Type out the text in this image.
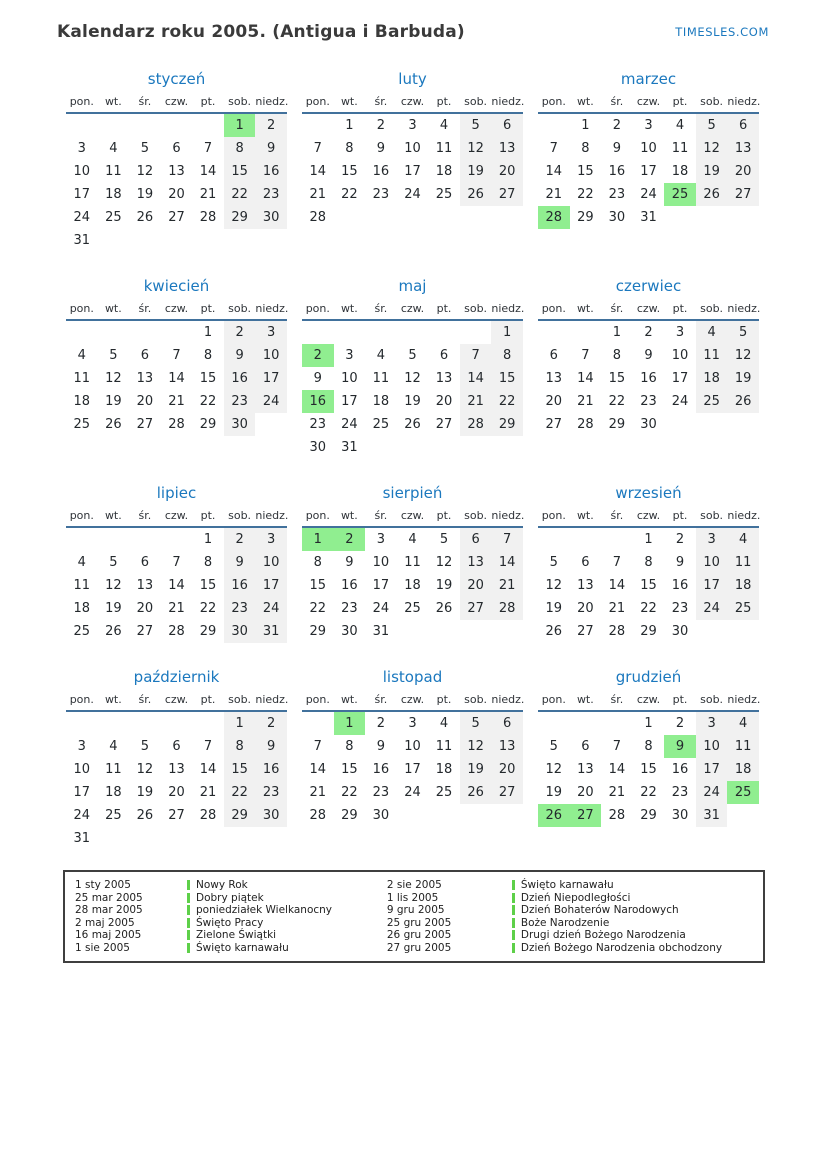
Kalendarz roku 2005. (Antigua i Barbuda)	TIMESLES.COM
styczeń
pon.	wt.	śr.	czw.	pt.	sob.	niedz.
					1	2
3	4	5	6	7	8	9
10	11	12	13	14	15	16
17	18	19	20	21	22	23
24	25	26	27	28	29	30
31						
luty
pon.	wt.	śr.	czw.	pt.	sob.	niedz.
	1	2	3	4	5	6
7	8	9	10	11	12	13
14	15	16	17	18	19	20
21	22	23	24	25	26	27
28						
marzec
pon.	wt.	śr.	czw.	pt.	sob.	niedz.
	1	2	3	4	5	6
7	8	9	10	11	12	13
14	15	16	17	18	19	20
21	22	23	24	25	26	27
28	29	30	31			
kwiecień
pon.	wt.	śr.	czw.	pt.	sob.	niedz.
				1	2	3
4	5	6	7	8	9	10
11	12	13	14	15	16	17
18	19	20	21	22	23	24
25	26	27	28	29	30	
maj
pon.	wt.	śr.	czw.	pt.	sob.	niedz.
						1
2	3	4	5	6	7	8
9	10	11	12	13	14	15
16	17	18	19	20	21	22
23	24	25	26	27	28	29
30	31					
czerwiec
pon.	wt.	śr.	czw.	pt.	sob.	niedz.
		1	2	3	4	5
6	7	8	9	10	11	12
13	14	15	16	17	18	19
20	21	22	23	24	25	26
27	28	29	30			
lipiec
pon.	wt.	śr.	czw.	pt.	sob.	niedz.
				1	2	3
4	5	6	7	8	9	10
11	12	13	14	15	16	17
18	19	20	21	22	23	24
25	26	27	28	29	30	31
sierpień
pon.	wt.	śr.	czw.	pt.	sob.	niedz.
1	2	3	4	5	6	7
8	9	10	11	12	13	14
15	16	17	18	19	20	21
22	23	24	25	26	27	28
29	30	31				
wrzesień
pon.	wt.	śr.	czw.	pt.	sob.	niedz.
			1	2	3	4
5	6	7	8	9	10	11
12	13	14	15	16	17	18
19	20	21	22	23	24	25
26	27	28	29	30		
październik
pon.	wt.	śr.	czw.	pt.	sob.	niedz.
					1	2
3	4	5	6	7	8	9
10	11	12	13	14	15	16
17	18	19	20	21	22	23
24	25	26	27	28	29	30
31						
listopad
pon.	wt.	śr.	czw.	pt.	sob.	niedz.
	1	2	3	4	5	6
7	8	9	10	11	12	13
14	15	16	17	18	19	20
21	22	23	24	25	26	27
28	29	30				
grudzień
pon.	wt.	śr.	czw.	pt.	sob.	niedz.
			1	2	3	4
5	6	7	8	9	10	11
12	13	14	15	16	17	18
19	20	21	22	23	24	25
26	27	28	29	30	31	
1 sty 2005	Nowy Rok
25 mar 2005	Dobry piątek
28 mar 2005	poniedziałek Wielkanocny
2 maj 2005	Święto Pracy
16 maj 2005	Zielone Świątki
1 sie 2005	Święto karnawału
2 sie 2005	Święto karnawału
1 lis 2005	Dzień Niepodległości
9 gru 2005	Dzień Bohaterów Narodowych
25 gru 2005	Boże Narodzenie
26 gru 2005	Drugi dzień Bożego Narodzenia
27 gru 2005	Dzień Bożego Narodzenia obchodzony
